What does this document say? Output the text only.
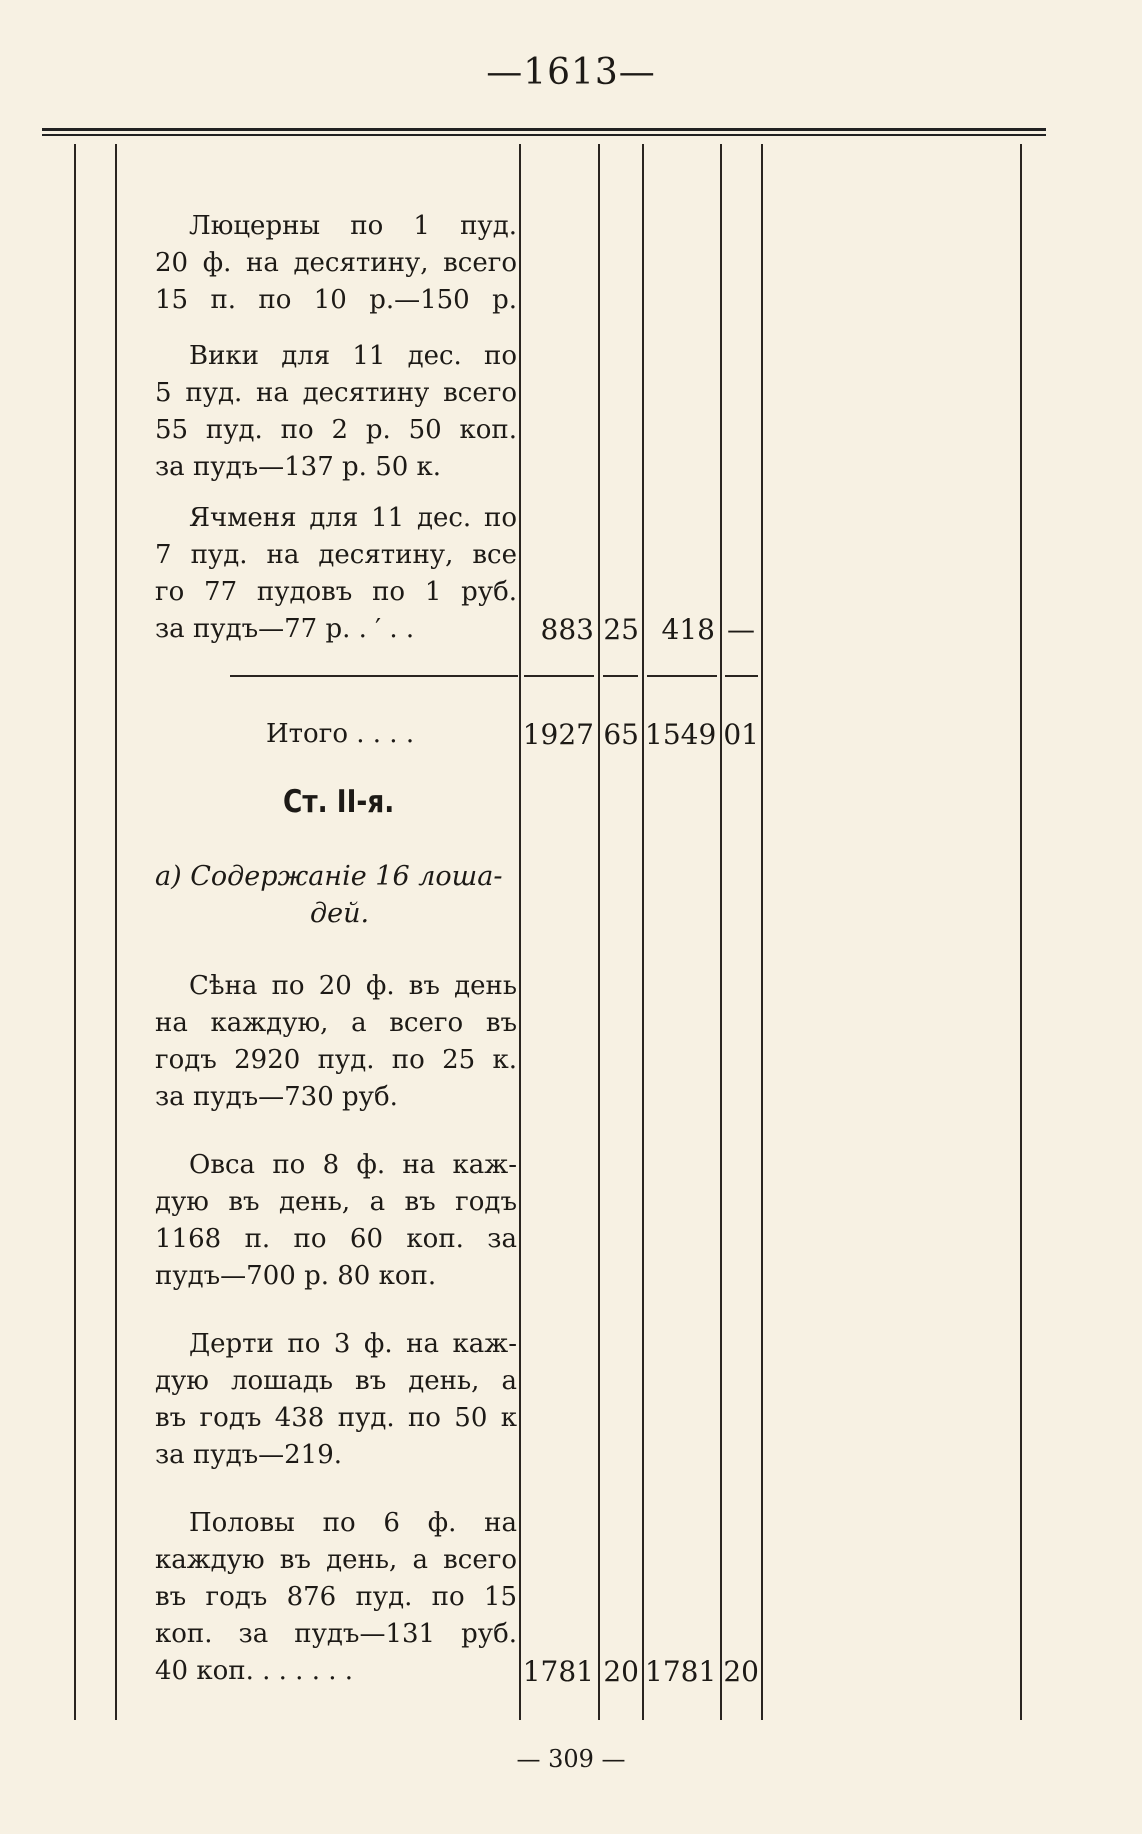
—1613—
Люцерны по 1 пуд.
20 ф. на десятину, всего
15 п. по 10 р.—150 р.
Вики для 11 дес. по
5 пуд. на десятину всего
55 пуд. по 2 р. 50 коп.
за пудъ—137 р. 50 к.
Ячменя для 11 дес. по
7 пуд. на десятину, все
го 77 пудовъ по 1 руб.
за пудъ—77 р. . ′ . .	883 25 418 —
Итого . . . .	1927 65 1549 01
Ст. II-я.
а) Содержаніе 16 лоша-
дей.
Сѣна по 20 ф. въ день
на каждую, а всего въ
годъ 2920 пуд. по 25 к.
за пудъ—730 руб.
Овса по 8 ф. на каж-
дую въ день, а въ годъ
1168 п. по 60 коп. за
пудъ—700 р. 80 коп.
Дерти по 3 ф. на каж-
дую лошадь въ день, а
въ годъ 438 пуд. по 50 к
за пудъ—219.
Половы по 6 ф. на
каждую въ день, а всего
въ годъ 876 пуд. по 15
коп. за пудъ—131 руб.
40 коп. . . . . . .	1781 20 1781 20
— 309 —
